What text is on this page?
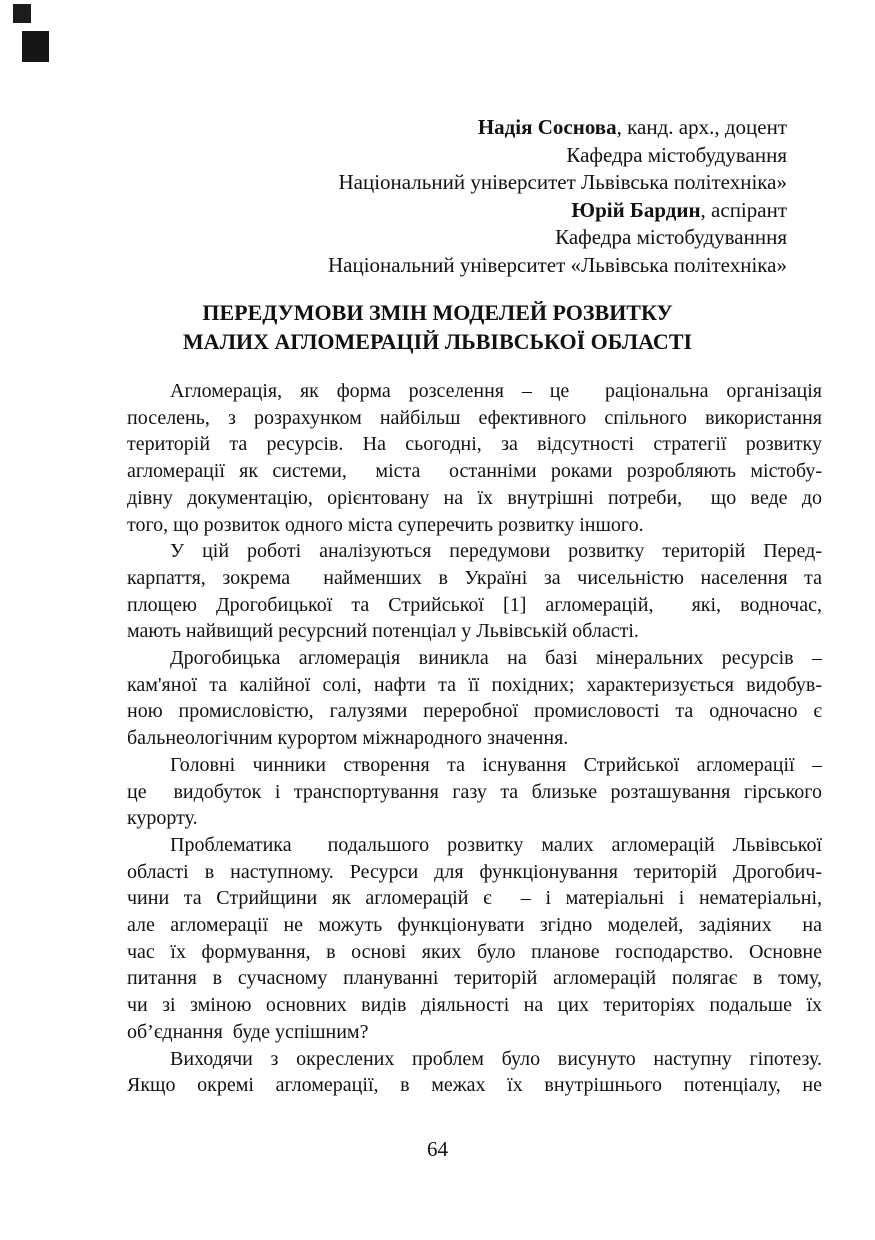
Надія Соснова, канд. арх., доцент
Кафедра містобудування
Національний університет Львівська політехніка»
Юрій Бардин, аспірант
Кафедра містобудуванння
Національний університет «Львівська політехніка»
ПЕРЕДУМОВИ ЗМІН МОДЕЛЕЙ РОЗВИТКУ
МАЛИХ АГЛОМЕРАЦІЙ ЛЬВІВСЬКОЇ ОБЛАСТІ
Агломерація, як форма розселення – це  раціональна організація
поселень, з розрахунком найбільш ефективного спільного використання
територій та ресурсів. На сьогодні, за відсутності стратегії розвитку
агломерації як системи,  міста  останніми роками розробляють містобу-
дівну документацію, орієнтовану на їх внутрішні потреби,  що веде до
того, що розвиток одного міста суперечить розвитку іншого.
У цій роботі аналізуються передумови розвитку територій Перед-
карпаття, зокрема  найменших в Україні за чисельністю населення та
площею Дрогобицької та Стрийської [1] агломерацій,  які, водночас,
мають найвищий ресурсний потенціал у Львівській області.
Дрогобицька агломерація виникла на базі мінеральних ресурсів –
кам'яної та калійної солі, нафти та її похідних; характеризується видобув-
ною промисловістю, галузями переробної промисловості та одночасно є
бальнеологічним курортом міжнародного значення.
Головні чинники створення та існування Стрийської агломерації –
це  видобуток і транспортування газу та близьке розташування гірського
курорту.
Проблематика  подальшого розвитку малих агломерацій Львівської
області в наступному. Ресурси для функціонування територій Дрогобич-
чини та Стрийщини як агломерацій є  – і матеріальні і нематеріальні,
але агломерації не можуть функціонувати згідно моделей, задіяних  на
час їх формування, в основі яких було планове господарство. Основне
питання в сучасному плануванні територій агломерацій полягає в тому,
чи зі зміною основних видів діяльності на цих територіях подальше їх
об’єднання  буде успішним?
Виходячи з окреслених проблем було висунуто наступну гіпотезу.
Якщо  окремі  агломерації,  в  межах  їх  внутрішнього  потенціалу,  не
64
